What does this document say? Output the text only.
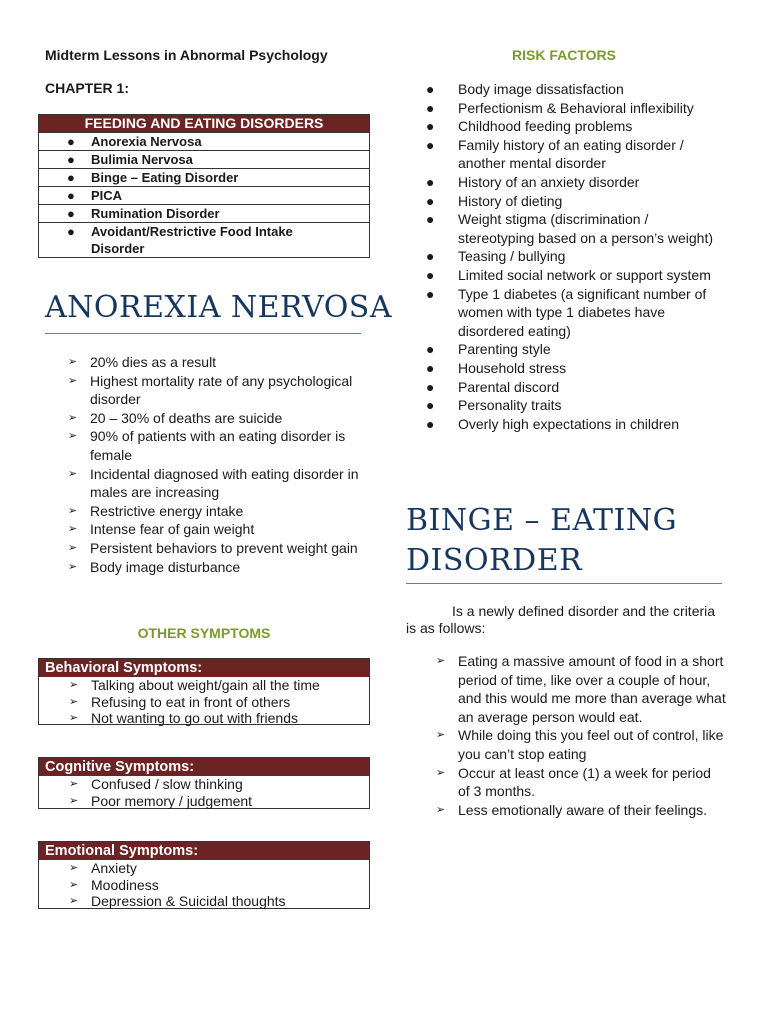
Midterm Lessons in Abnormal Psychology
CHAPTER 1:
FEEDING AND EATING DISORDERS
● Anorexia Nervosa
● Bulimia Nervosa
● Binge – Eating Disorder
● PICA
● Rumination Disorder
● Avoidant/Restrictive Food Intake Disorder
ANOREXIA NERVOSA
➢ 20% dies as a result
➢ Highest mortality rate of any psychological disorder
➢ 20 – 30% of deaths are suicide
➢ 90% of patients with an eating disorder is female
➢ Incidental diagnosed with eating disorder in males are increasing
➢ Restrictive energy intake
➢ Intense fear of gain weight
➢ Persistent behaviors to prevent weight gain
➢ Body image disturbance
OTHER SYMPTOMS
Behavioral Symptoms:
➢ Talking about weight/gain all the time
➢ Refusing to eat in front of others
➢ Not wanting to go out with friends
Cognitive Symptoms:
➢ Confused / slow thinking
➢ Poor memory / judgement
Emotional Symptoms:
➢ Anxiety
➢ Moodiness
➢ Depression & Suicidal thoughts
RISK FACTORS
● Body image dissatisfaction
● Perfectionism & Behavioral inflexibility
● Childhood feeding problems
● Family history of an eating disorder / another mental disorder
● History of an anxiety disorder
● History of dieting
● Weight stigma (discrimination / stereotyping based on a person’s weight)
● Teasing / bullying
● Limited social network or support system
● Type 1 diabetes (a significant number of women with type 1 diabetes have disordered eating)
● Parenting style
● Household stress
● Parental discord
● Personality traits
● Overly high expectations in children
BINGE – EATING
DISORDER
Is a newly defined disorder and the criteria is as follows:
➢ Eating a massive amount of food in a short period of time, like over a couple of hour, and this would me more than average what an average person would eat.
➢ While doing this you feel out of control, like you can’t stop eating
➢ Occur at least once (1) a week for period of 3 months.
➢ Less emotionally aware of their feelings.
